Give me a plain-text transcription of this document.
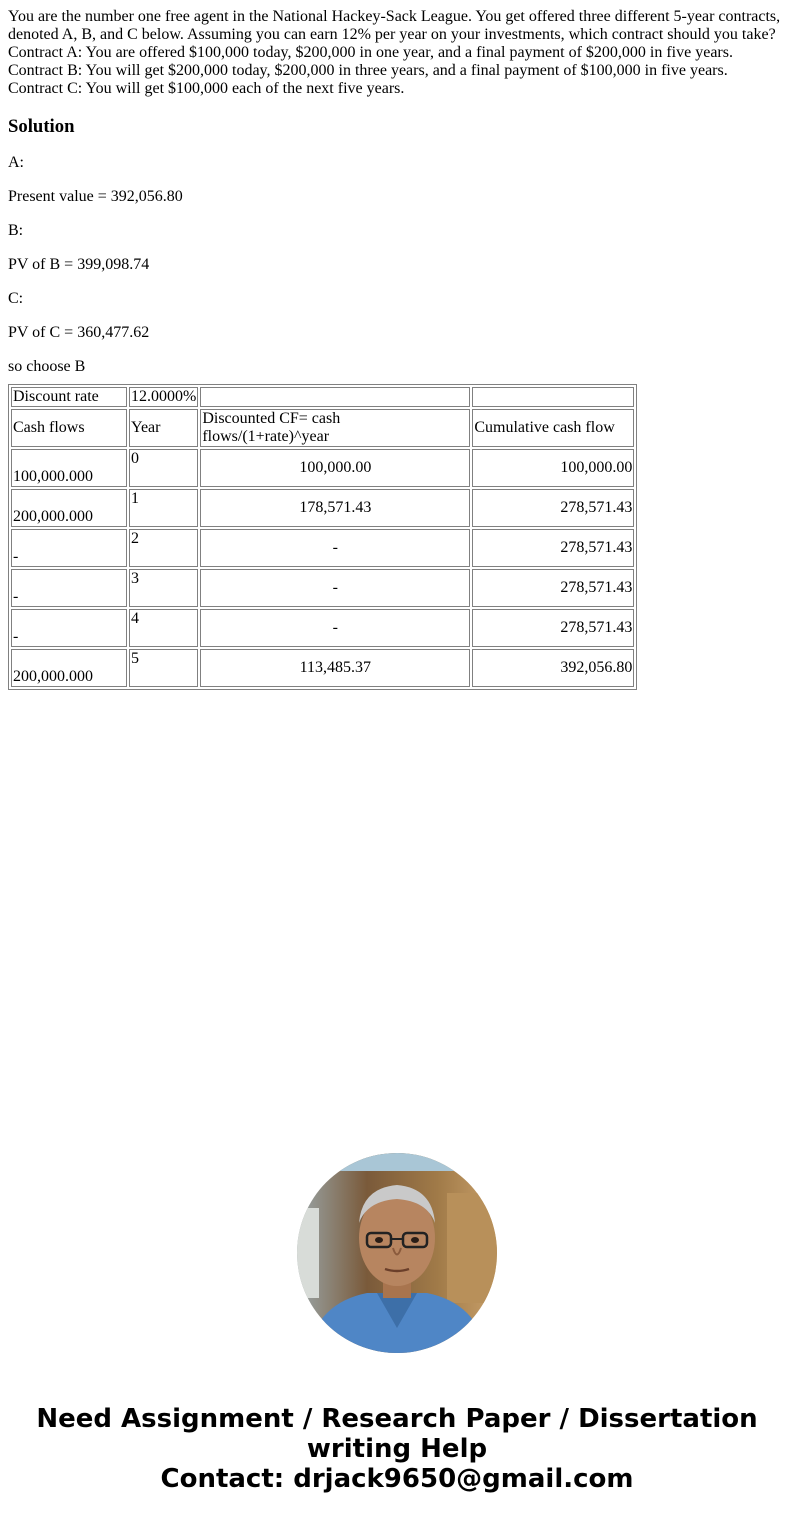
You are the number one free agent in the National Hackey-Sack League. You get offered three different 5-year contracts, denoted A, B, and C below. Assuming you can earn 12% per year on your investments, which contract should you take?

Contract A: You are offered $100,000 today, $200,000 in one year, and a final payment of $200,000 in five years.

Contract B: You will get $200,000 today, $200,000 in three years, and a final payment of $100,000 in five years.

Contract C: You will get $100,000 each of the next five years.

Solution

A:

Present value = 392,056.80

B:

PV of B = 399,098.74

C:

PV of C = 360,477.62

so choose B

Discount rate	12.0000%		
Cash flows	Year	Discounted CF= cash flows/(1+rate)^year	Cumulative cash flow
100,000.000	0	100,000.00	100,000.00
200,000.000	1	178,571.43	278,571.43
-	2	-	278,571.43
-	3	-	278,571.43
-	4	-	278,571.43
200,000.000	5	113,485.37	392,056.80
Need Assignment / Research Paper / Dissertation
writing Help
Contact: drjack9650@gmail.com
